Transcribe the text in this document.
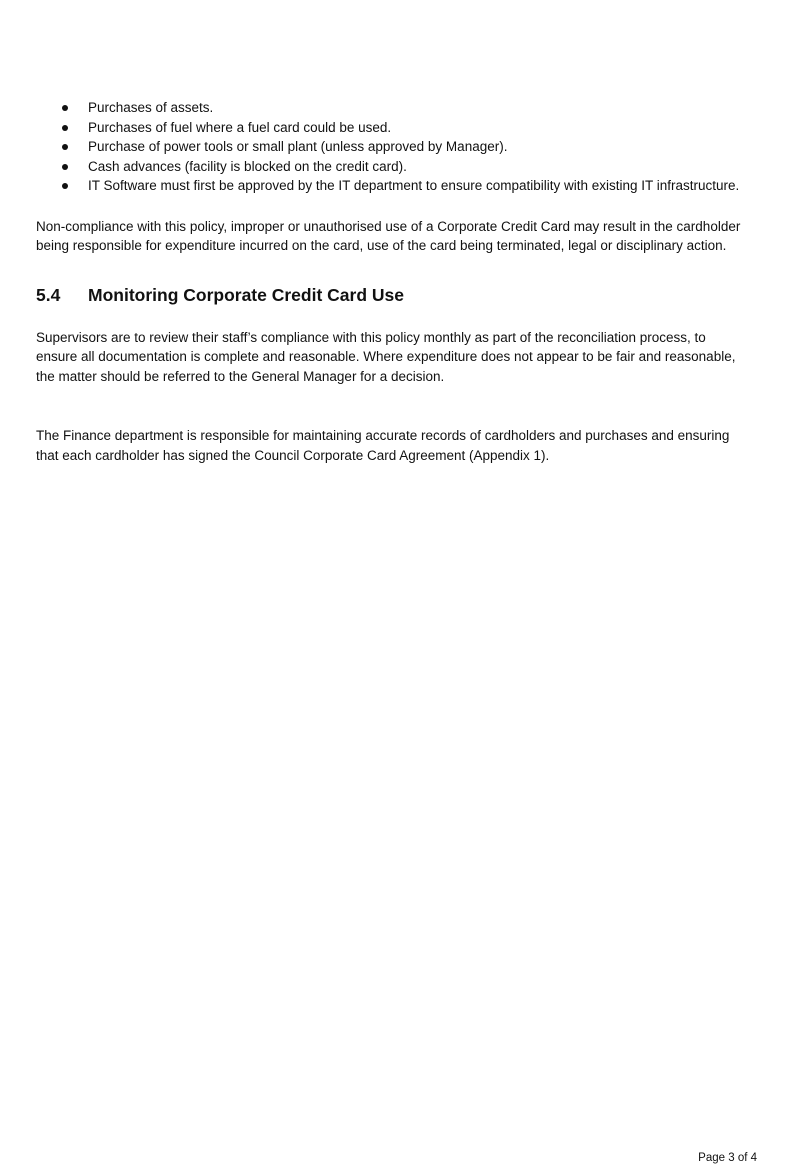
Purchases of assets.
Purchases of fuel where a fuel card could be used.
Purchase of power tools or small plant (unless approved by Manager).
Cash advances (facility is blocked on the credit card).
IT Software must first be approved by the IT department to ensure compatibility with existing IT infrastructure.

Non-compliance with this policy, improper or unauthorised use of a Corporate Credit Card may result in the cardholder being responsible for expenditure incurred on the card, use of the card being terminated, legal or disciplinary action.

5.4	Monitoring Corporate Credit Card Use

Supervisors are to review their staff’s compliance with this policy monthly as part of the reconciliation process, to ensure all documentation is complete and reasonable. Where expenditure does not appear to be fair and reasonable, the matter should be referred to the General Manager for a decision.

The Finance department is responsible for maintaining accurate records of cardholders and purchases and ensuring that each cardholder has signed the Council Corporate Card Agreement (Appendix 1).

Page 3 of 4
